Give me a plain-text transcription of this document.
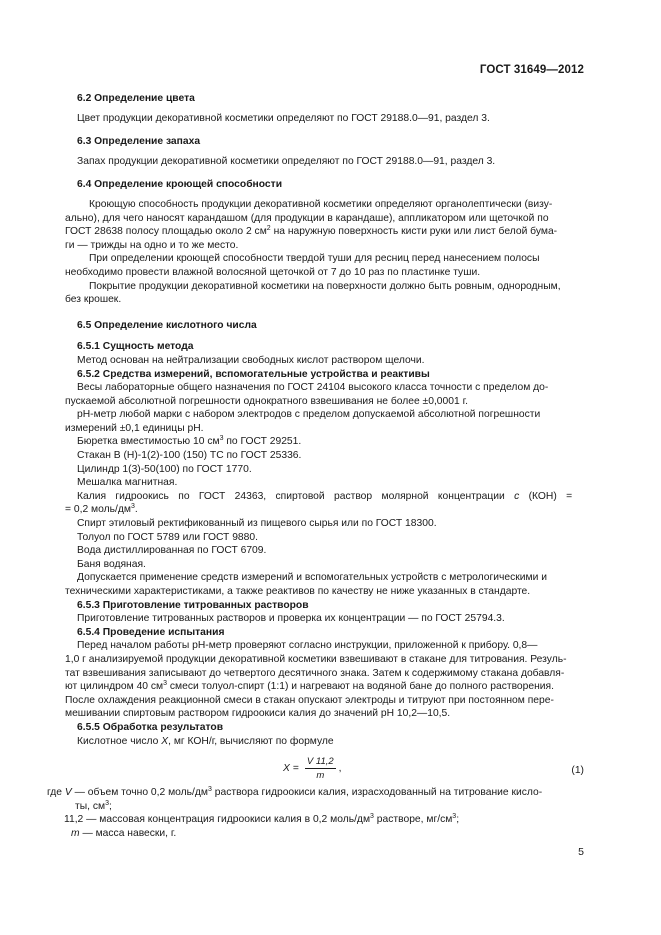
ГОСТ 31649—2012

6.2 Определение цвета

Цвет продукции декоративной косметики определяют по ГОСТ 29188.0—91, раздел 3.

6.3 Определение запаха

Запах продукции декоративной косметики определяют по ГОСТ 29188.0—91, раздел 3.

6.4 Определение кроющей способности

Кроющую способность продукции декоративной косметики определяют органолептически (визу-

ально), для чего наносят карандашом (для продукции в карандаше), аппликатором или щеточкой по

ГОСТ 28638 полосу площадью около 2 $см^2$ на наружную поверхность кисти руки или лист белой бума-

ги — трижды на одно и то же место.

При определении кроющей способности твердой туши для ресниц перед нанесением полосы

необходимо провести влажной волосяной щеточкой от 7 до 10 раз по пластинке туши.

Покрытие продукции декоративной косметики на поверхности должно быть ровным, однородным,

без крошек.

6.5 Определение кислотного числа

6.5.1 Сущность метода

Метод основан на нейтрализации свободных кислот раствором щелочи.

6.5.2 Средства измерений, вспомогательные устройства и реактивы

Весы лабораторные общего назначения по ГОСТ 24104 высокого класса точности с пределом до-

пускаемой абсолютной погрешности однократного взвешивания не более ±0,0001 г.

рН-метр любой марки с набором электродов с пределом допускаемой абсолютной погрешности

измерений ±0,1 единицы рН.

Бюретка вместимостью 10 $см^3$ по ГОСТ 29251.

Стакан В (Н)-1(2)-100 (150) ТС по ГОСТ 25336.

Цилиндр 1(3)-50(100) по ГОСТ 1770.

Мешалка магнитная.

Калия гидроокись по ГОСТ 24363, спиртовой раствор молярной концентрации c (КОН) =

= 0,2 моль/$дм^3$.

Спирт этиловый ректификованный из пищевого сырья или по ГОСТ 18300.

Толуол по ГОСТ 5789 или ГОСТ 9880.

Вода дистиллированная по ГОСТ 6709.

Баня водяная.

Допускается применение средств измерений и вспомогательных устройств с метрологическими и

техническими характеристиками, а также реактивов по качеству не ниже указанных в стандарте.

6.5.3 Приготовление титрованных растворов

Приготовление титрованных растворов и проверка их концентрации — по ГОСТ 25794.3.

6.5.4 Проведение испытания

Перед началом работы рН-метр проверяют согласно инструкции, приложенной к прибору. 0,8—

1,0 г анализируемой продукции декоративной косметики взвешивают в стакане для титрования. Резуль-

тат взвешивания записывают до четвертого десятичного знака. Затем к содержимому стакана добавля-

ют цилиндром 40 $см^3$ смеси толуол-спирт (1:1) и нагревают на водяной бане до полного растворения.

После охлаждения реакционной смеси в стакан опускают электроды и титруют при постоянном пере-

мешивании спиртовым раствором гидроокиси калия до значений рН 10,2—10,5.

6.5.5 Обработка результатов

Кислотное число Х, мг КОН/г, вычисляют по формуле

$X = \frac{V 11,2}{m}$ ,	(1)

где V — объем точно 0,2 моль/$дм^3$ раствора гидроокиси калия, израсходованный на титрование кисло-

ты, $см^3$;

11,2 — массовая концентрация гидроокиси калия в 0,2 моль/$дм^3$ растворе, $мг/см^3$;

m — масса навески, г.

5
